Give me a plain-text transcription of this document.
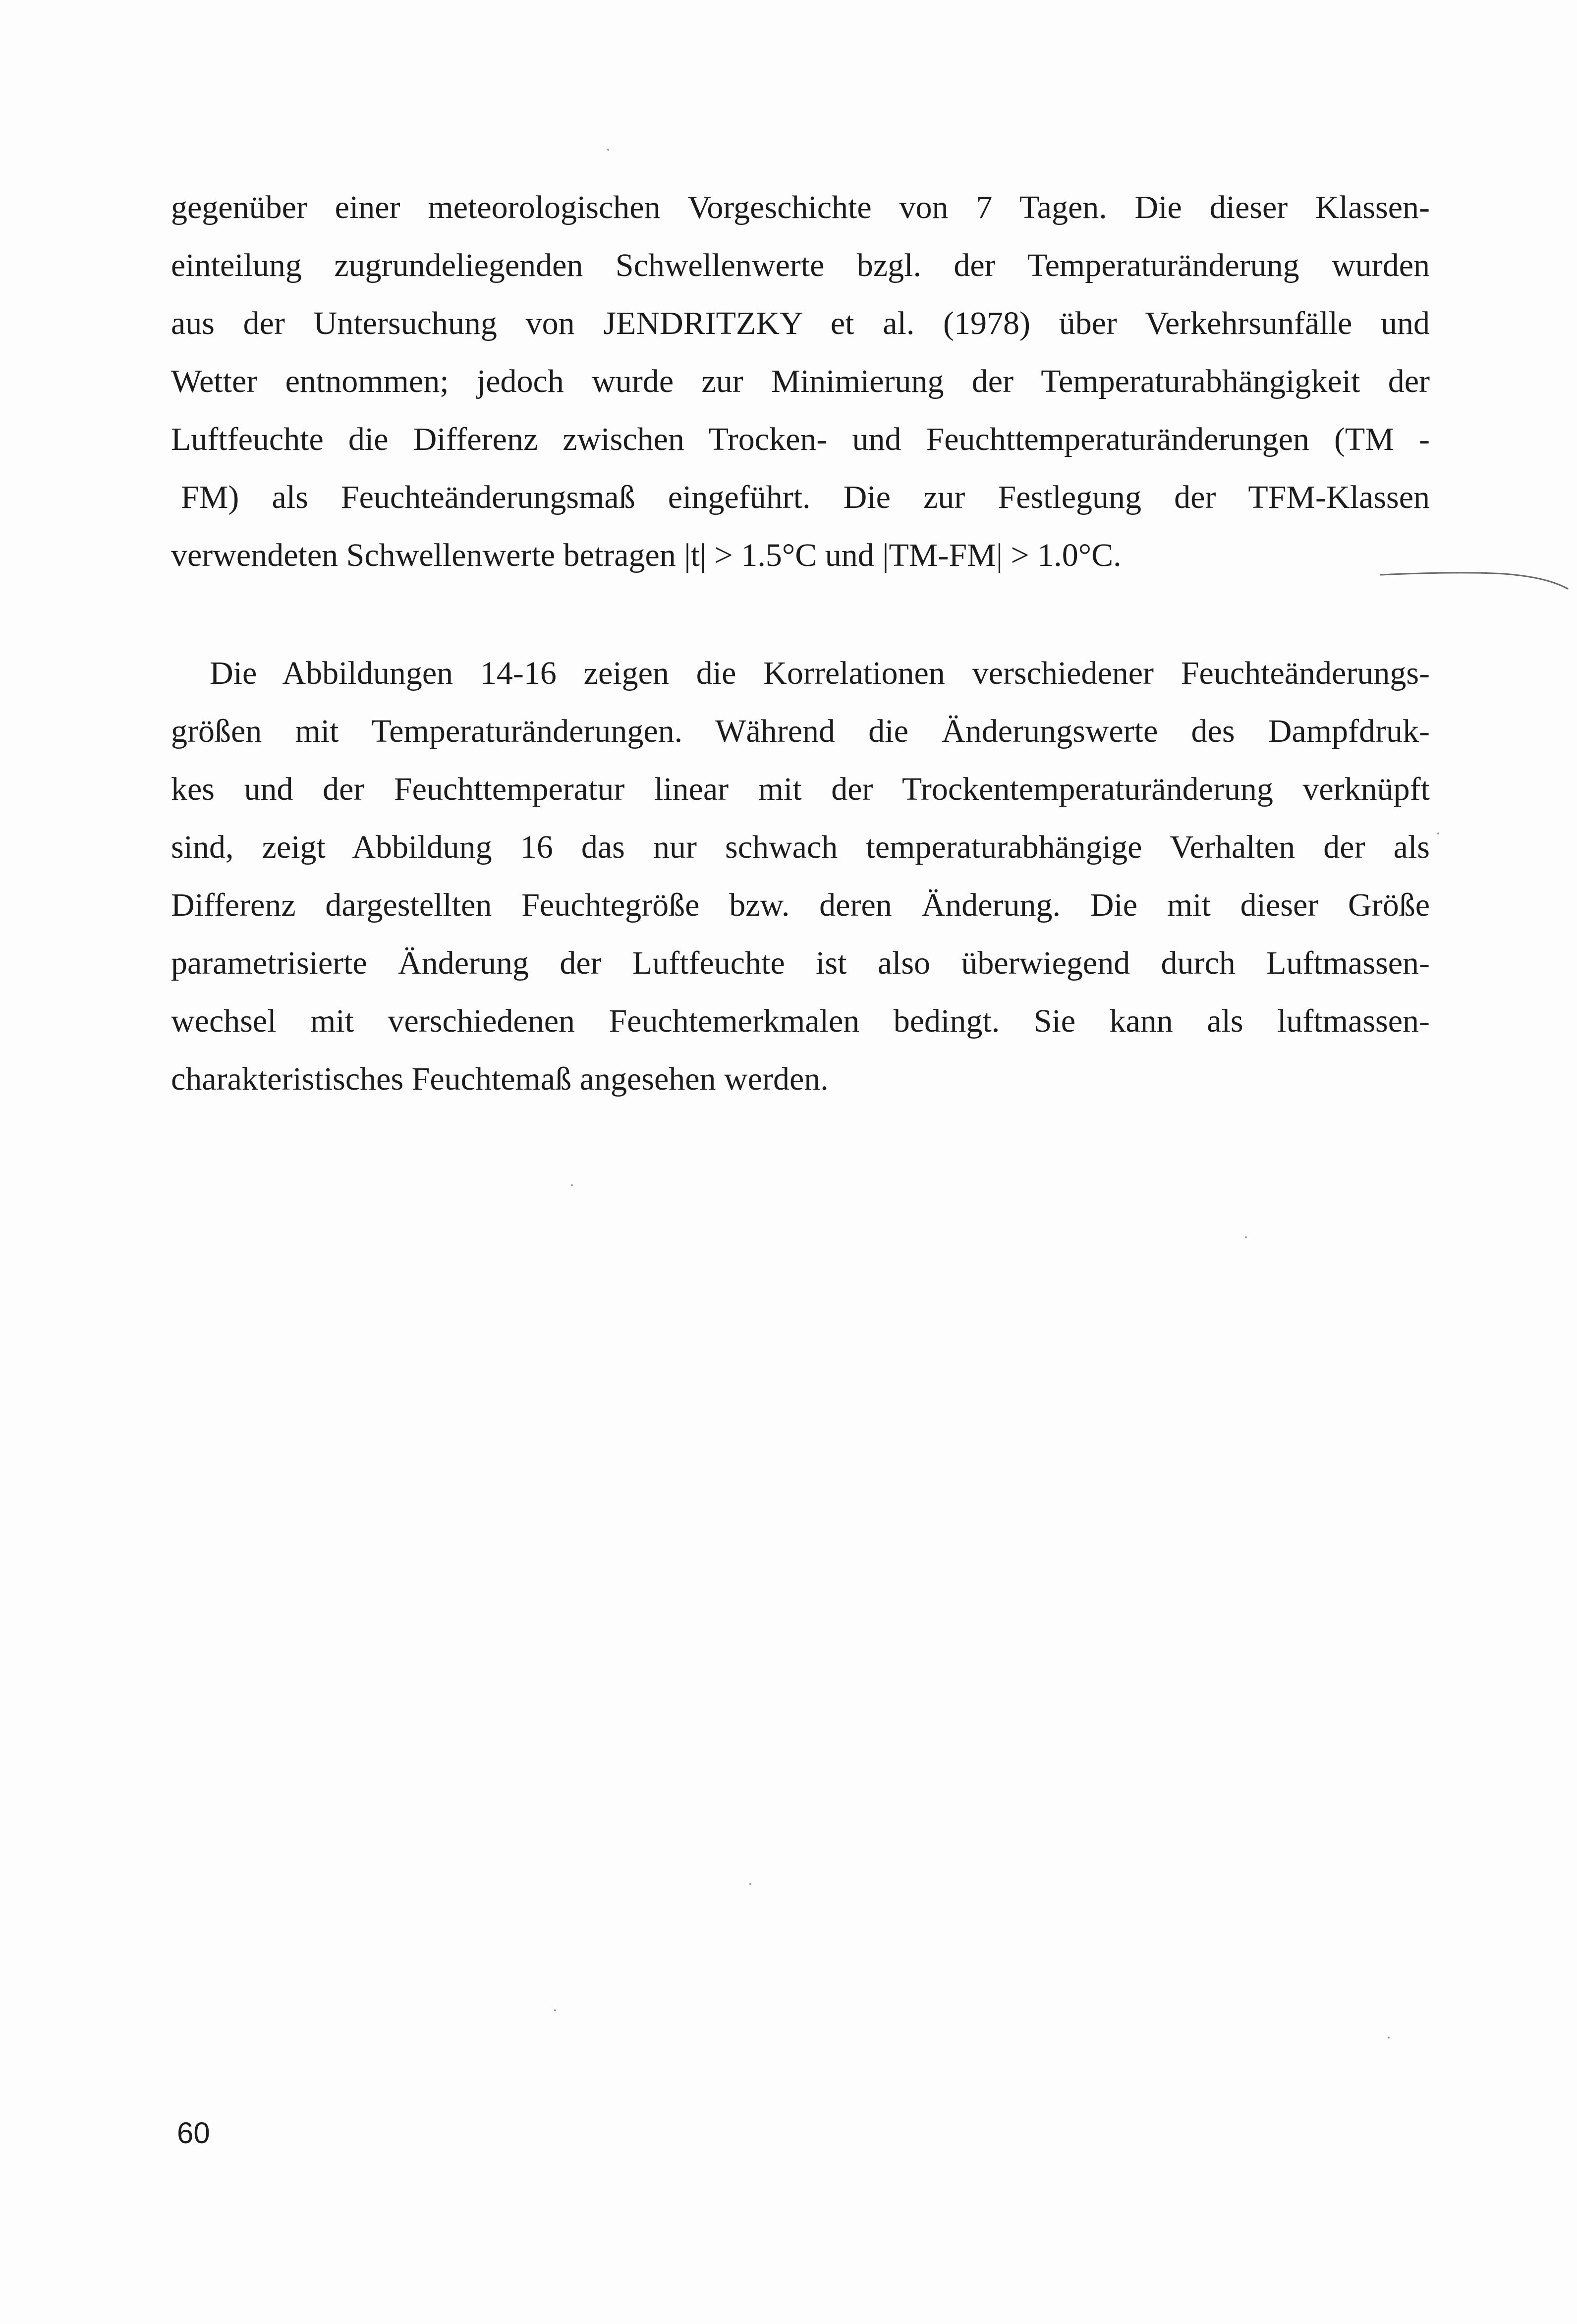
gegenüber einer meteorologischen Vorgeschichte von 7 Tagen. Die dieser Klassen-
einteilung zugrundeliegenden Schwellenwerte bzgl. der Temperaturänderung wurden
aus der Untersuchung von JENDRITZKY et al. (1978) über Verkehrsunfälle und
Wetter entnommen; jedoch wurde zur Minimierung der Temperaturabhängigkeit der
Luftfeuchte die Differenz zwischen Trocken- und Feuchttemperaturänderungen (TM -
FM) als Feuchteänderungsmaß eingeführt. Die zur Festlegung der TFM-Klassen
verwendeten Schwellenwerte betragen |t| > 1.5°C und |TM-FM| > 1.0°C.
Die Abbildungen 14-16 zeigen die Korrelationen verschiedener Feuchteänderungs-
größen mit Temperaturänderungen. Während die Änderungswerte des Dampfdruk-
kes und der Feuchttemperatur linear mit der Trockentemperaturänderung verknüpft
sind, zeigt Abbildung 16 das nur schwach temperaturabhängige Verhalten der als
Differenz dargestellten Feuchtegröße bzw. deren Änderung. Die mit dieser Größe
parametrisierte Änderung der Luftfeuchte ist also überwiegend durch Luftmassen-
wechsel mit verschiedenen Feuchtemerkmalen bedingt. Sie kann als luftmassen-
charakteristisches Feuchtemaß angesehen werden.
60
